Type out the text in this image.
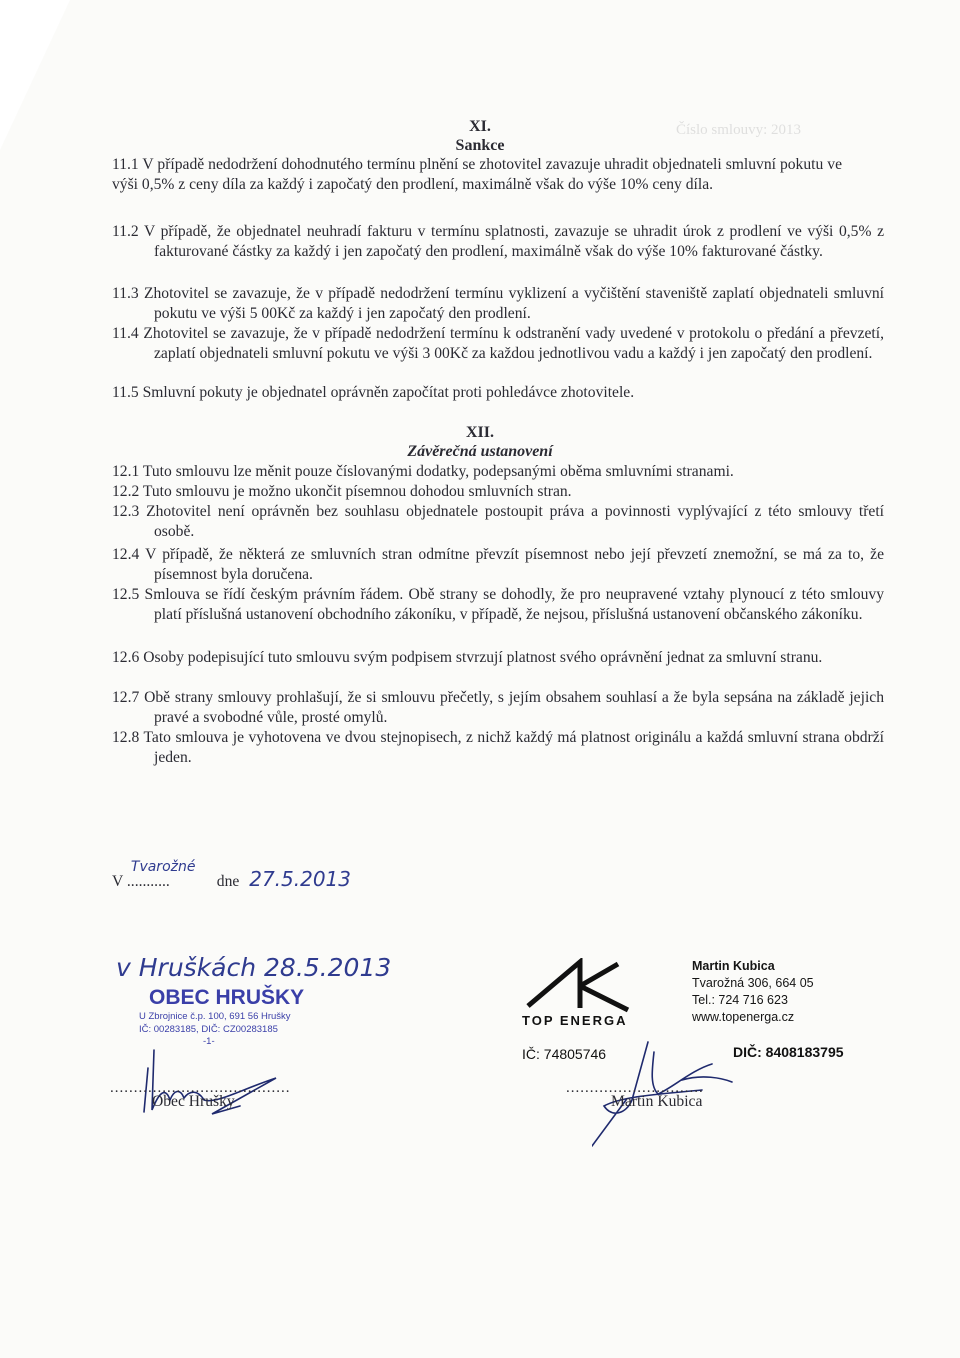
Číslo smlouvy: 2013
XI.
Sankce
11.1 V případě nedodržení dohodnutého termínu plnění se zhotovitel zavazuje uhradit objednateli smluvní pokutu ve výši 0,5% z ceny díla za každý i započatý den prodlení, maximálně však do výše 10% ceny díla.
11.2 V případě, že objednatel neuhradí fakturu v termínu splatnosti, zavazuje se uhradit úrok z prodlení ve výši 0,5% z fakturované částky za každý i jen započatý den prodlení, maximálně však do výše 10% fakturované částky.
11.3 Zhotovitel se zavazuje, že v případě nedodržení termínu vyklizení a vyčištění staveniště zaplatí objednateli smluvní pokutu ve výši 5 00Kč za každý i jen započatý den prodlení.
11.4 Zhotovitel se zavazuje, že v případě nedodržení termínu k odstranění vady uvedené v protokolu o předání a převzetí, zaplatí objednateli smluvní pokutu ve výši 3 00Kč za každou jednotlivou vadu a každý i jen započatý den prodlení.
11.5 Smluvní pokuty je objednatel oprávněn započítat proti pohledávce zhotovitele.
XII.
Závěrečná ustanovení
12.1 Tuto smlouvu lze měnit pouze číslovanými dodatky, podepsanými oběma smluvními stranami.
12.2 Tuto smlouvu je možno ukončit písemnou dohodou smluvních stran.
12.3 Zhotovitel není oprávněn bez souhlasu objednatele postoupit práva a povinnosti vyplývající z této smlouvy třetí osobě.
12.4 V případě, že některá ze smluvních stran odmítne převzít písemnost nebo její převzetí znemožní, se má za to, že písemnost byla doručena.
12.5 Smlouva se řídí českým právním řádem. Obě strany se dohodly, že pro neupravené vztahy plynoucí z této smlouvy platí příslušná ustanovení obchodního zákoníku, v případě, že nejsou, příslušná ustanovení občanského zákoníku.
12.6 Osoby podepisující tuto smlouvu svým podpisem stvrzují platnost svého oprávnění jednat za smluvní stranu.
12.7 Obě strany smlouvy prohlašují, že si smlouvu přečetly, s jejím obsahem souhlasí a že byla sepsána na základě jejich pravé a svobodné vůle, prosté omylů.
12.8 Tato smlouva je vyhotovena ve dvou stejnopisech, z nichž každý má platnost originálu a každá smluvní strana obdrží jeden.
V
Tvarožné
...........	dne 27.5.2013
v Hruškách 28.5.2013
OBEC HRUŠKY
U Zbrojnice č.p. 100, 691 56 Hrušky
IČ: 00283185, DIČ: CZ00283185
-1-
......................................
Obec Hrušky
TOP ENERGA
Martin Kubica
Tvarožná 306, 664 05
Tel.: 724 716 623
www.topenerga.cz
IČ: 74805746	DIČ: 8408183795
.............................
Martin Kubica
